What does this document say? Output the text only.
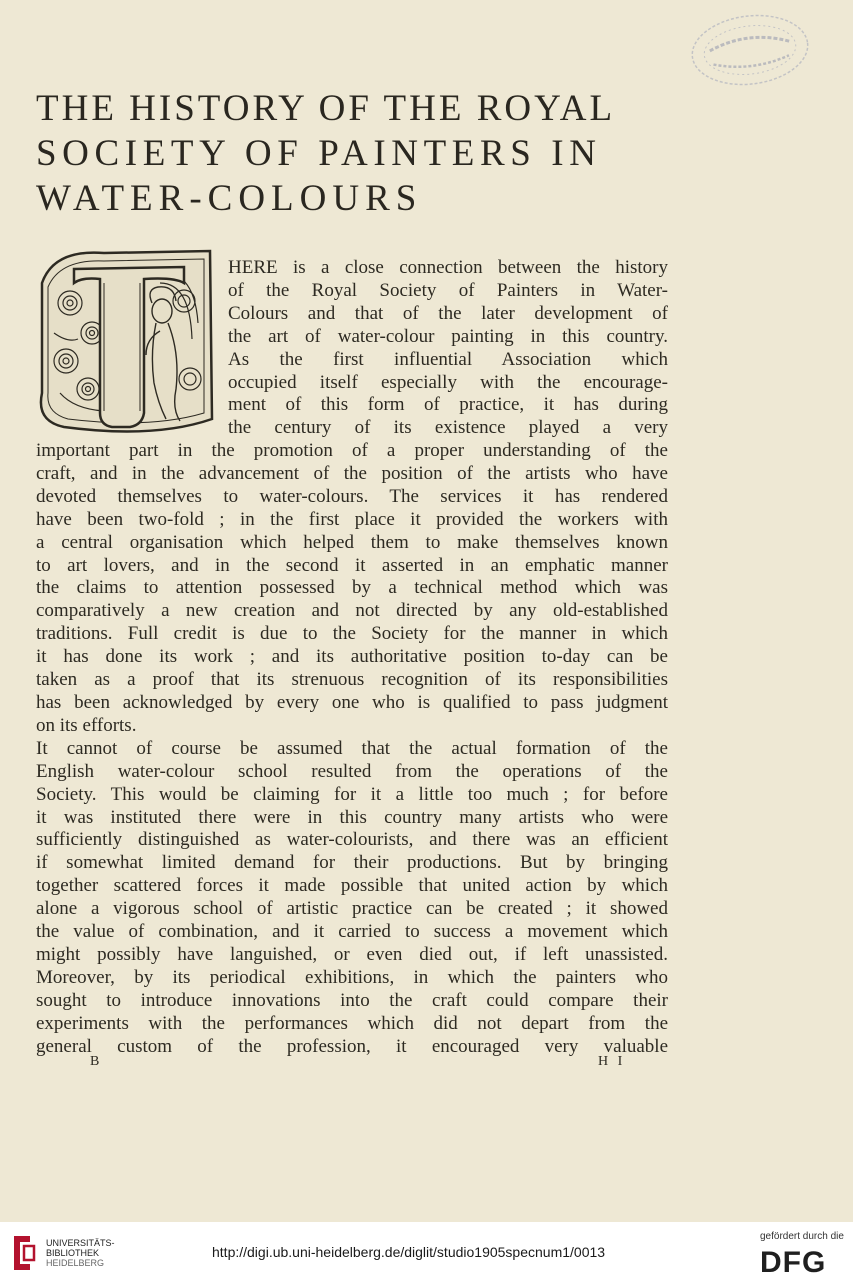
THE HISTORY OF THE ROYAL
SOCIETY OF PAINTERS IN
WATER-COLOURS
HERE is a close connection between the history
of the Royal Society of Painters in Water-
Colours and that of the later development of
the art of water-colour painting in this country.
As the first influential Association which
occupied itself especially with the encourage-
ment of this form of practice, it has during
the century of its existence played a very
important part in the promotion of a proper understanding of the
craft, and in the advancement of the position of the artists who have
devoted themselves to water-colours. The services it has rendered
have been two-fold ; in the first place it provided the workers with
a central organisation which helped them to make themselves known
to art lovers, and in the second it asserted in an emphatic manner
the claims to attention possessed by a technical method which was
comparatively a new creation and not directed by any old-established
traditions. Full credit is due to the Society for the manner in which
it has done its work ; and its authoritative position to-day can be
taken as a proof that its strenuous recognition of its responsibilities
has been acknowledged by every one who is qualified to pass judgment
on its efforts.
It cannot of course be assumed that the actual formation of the
English water-colour school resulted from the operations of the
Society. This would be claiming for it a little too much ; for before
it was instituted there were in this country many artists who were
sufficiently distinguished as water-colourists, and there was an efficient
if somewhat limited demand for their productions. But by bringing
together scattered forces it made possible that united action by which
alone a vigorous school of artistic practice can be created ; it showed
the value of combination, and it carried to success a movement which
might possibly have languished, or even died out, if left unassisted.
Moreover, by its periodical exhibitions, in which the painters who
sought to introduce innovations into the craft could compare their
experiments with the performances which did not depart from the
general custom of the profession, it encouraged very valuable
B	H I
UNIVERSITÄTS-
BIBLIOTHEK
HEIDELBERG
http://digi.ub.uni-heidelberg.de/diglit/studio1905specnum1/0013
gefördert durch die
DFG
